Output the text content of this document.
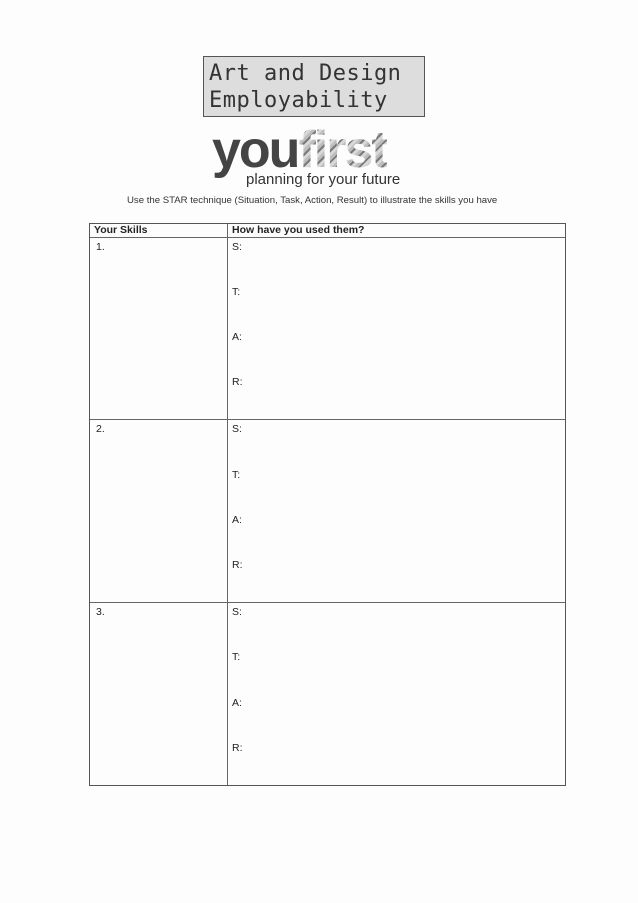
Art and Design
Employability
youfirst
planning for your future
Use the STAR technique (Situation, Task, Action, Result) to illustrate the skills you have
Your Skills	How have you used them?
1.	S:
T:
A:
R:
2.	S:
T:
A:
R:
3.	S:
T:
A:
R:
